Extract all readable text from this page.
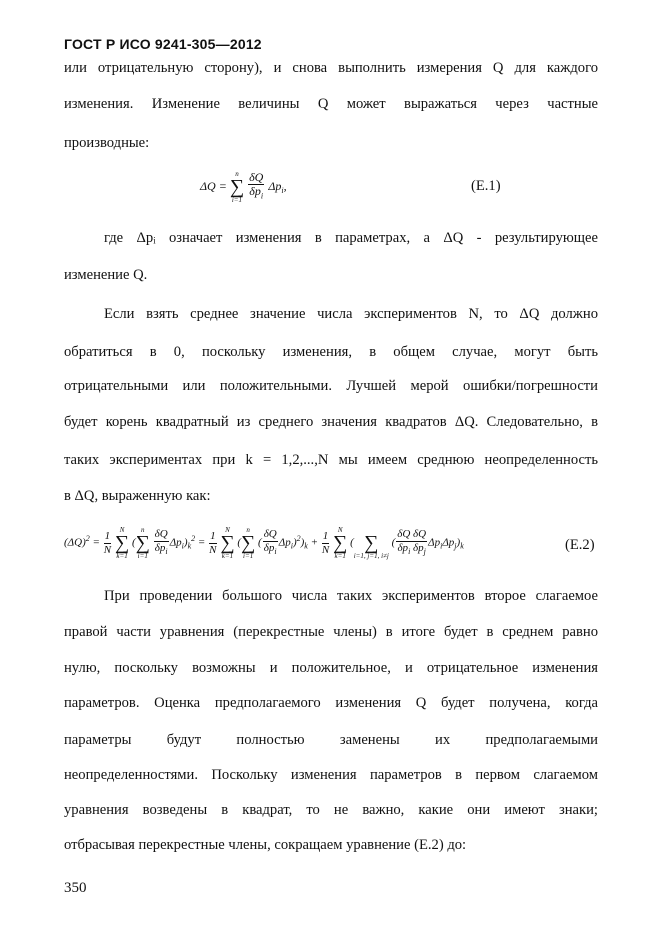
ГОСТ Р ИСО 9241-305—2012
или отрицательную сторону), и снова выполнить измерения Q для каждого
изменения. Изменение величины Q может выражаться через частные
производные:
ΔQ =
n
∑
i=1
$\frac{\delta Q}{\delta p_i} \Delta p_i$,	(E.1)
где Δpᵢ означает изменения в параметрах, а ΔQ - результирующее
изменение Q.
Если взять среднее значение числа экспериментов N, то ΔQ должно
обратиться в 0, поскольку изменения, в общем случае, могут быть
отрицательными или положительными. Лучшей мерой ошибки/погрешности
будет корень квадратный из среднего значения квадратов ΔQ. Следовательно, в
таких экспериментах при k = 1,2,...,N мы имеем среднюю неопределенность
в ΔQ, выраженную как:
$(\Delta Q)^2 = \frac{1}{N}$
	N
∑
k=1
(
n
∑
i=1
$\frac{\delta Q}{\delta p_i} \Delta p_i)_k^2 = \frac{1}{N}$
	N
∑
k=1
(
n
∑
i=1
( $\frac{\delta Q}{\delta p_i} \Delta p_i)^2)_k + \frac{1}{N}$
	N
∑
k=1
(
∑
i=1, j=1, i≠j
( $\frac{\text{δQ δQ}}{\delta p_i \delta p_j} \Delta p_i\Delta p_j)_k$	(E.2)
При проведении большого числа таких экспериментов второе слагаемое
правой части уравнения (перекрестные члены) в итоге будет в среднем равно
нулю, поскольку возможны и положительное, и отрицательное изменения
параметров. Оценка предполагаемого изменения Q будет получена, когда
параметры будут полностью заменены их предполагаемыми
неопределенностями. Поскольку изменения параметров в первом слагаемом
уравнения возведены в квадрат, то не важно, какие они имеют знаки;
отбрасывая перекрестные члены, сокращаем уравнение (E.2) до:
350
